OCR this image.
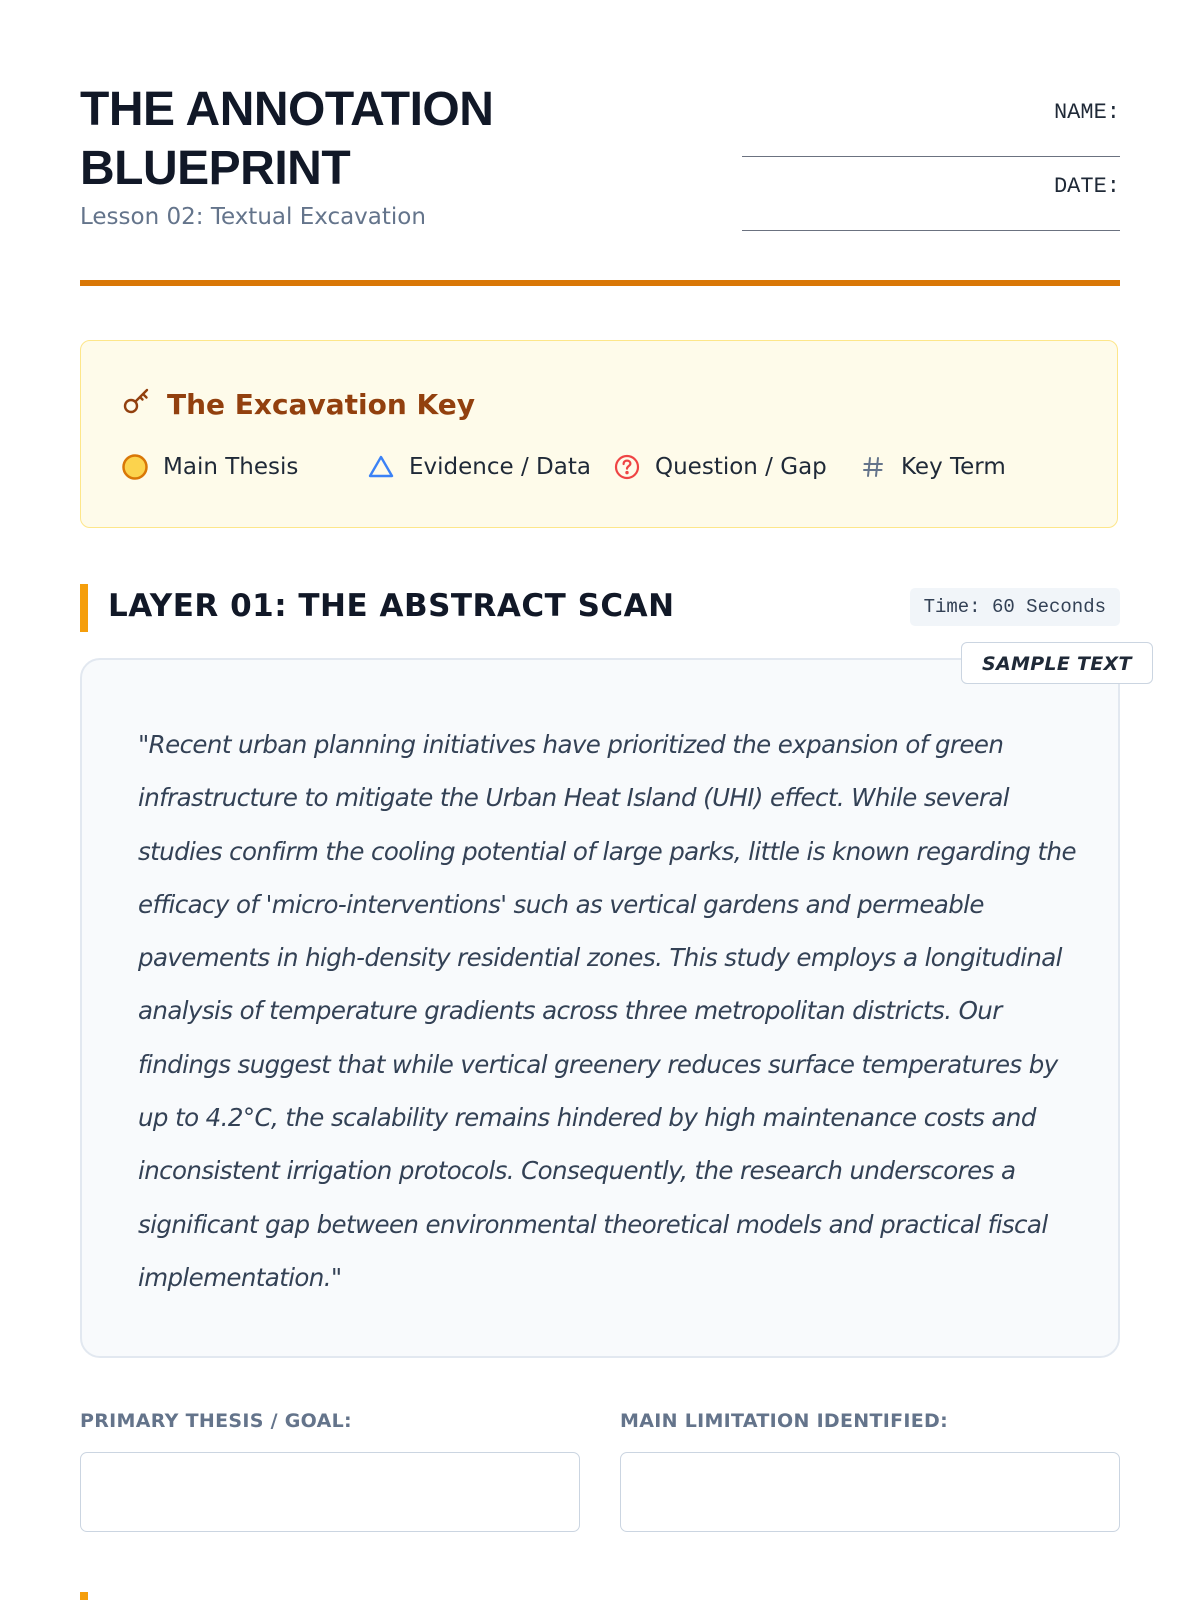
THE ANNOTATION
BLUEPRINT
Lesson 02: Textual Excavation
NAME:
DATE:
The Excavation Key
Main Thesis	Evidence / Data	Question / Gap	Key Term
LAYER 01: THE ABSTRACT SCAN	Time: 60 Seconds
SAMPLE TEXT

"Recent urban planning initiatives have prioritized the expansion of green infrastructure to mitigate the Urban Heat Island (UHI) effect. While several studies confirm the cooling potential of large parks, little is known regarding the efficacy of 'micro-interventions' such as vertical gardens and permeable pavements in high-density residential zones. This study employs a longitudinal analysis of temperature gradients across three metropolitan districts. Our findings suggest that while vertical greenery reduces surface temperatures by up to 4.2°C, the scalability remains hindered by high maintenance costs and inconsistent irrigation protocols. Consequently, the research underscores a significant gap between environmental theoretical models and practical fiscal implementation."

PRIMARY THESIS / GOAL:	MAIN LIMITATION IDENTIFIED:
